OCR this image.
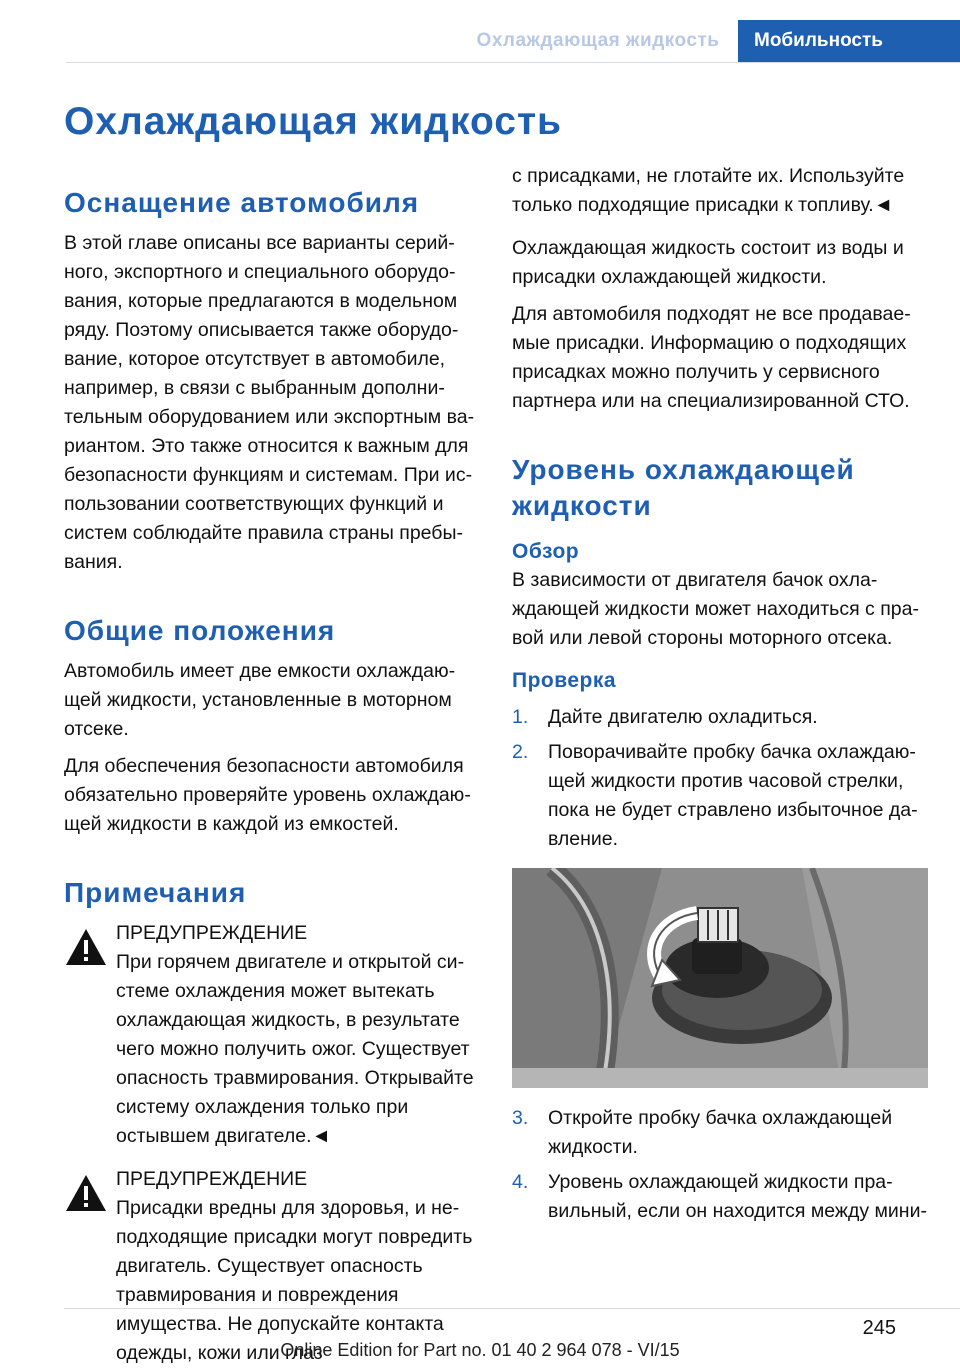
Охлаждающая жидкость	Мобильность
Охлаждающая жидкость
Оснащение автомобиля

В этой главе описаны все варианты серийного, экспортного и специального оборудования, которые предлагаются в модельном ряду. Поэтому описывается также оборудование, которое отсутствует в автомобиле, например, в связи с выбранным дополнительным оборудованием или экспортным вариантом. Это также относится к важным для безопасности функциям и системам. При использовании соответствующих функций и систем соблюдайте правила страны пребывания.

Общие положения

Автомобиль имеет две емкости охлаждающей жидкости, установленные в моторном отсеке.

Для обеспечения безопасности автомобиля обязательно проверяйте уровень охлаждающей жидкости в каждой из емкостей.

Примечания

ПРЕДУПРЕЖДЕНИЕ

При горячем двигателе и открытой системе охлаждения может вытекать охлаждающая жидкость, в результате чего можно получить ожог. Существует опасность травмирования. Открывайте систему охлаждения только при остывшем двигателе.◄

ПРЕДУПРЕЖДЕНИЕ

Присадки вредны для здоровья, и неподходящие присадки могут повредить двигатель. Существует опасность травмирования и повреждения имущества. Не допускайте контакта одежды, кожи или глаз

с присадками, не глотайте их. Используйте только подходящие присадки к топливу.◄

Охлаждающая жидкость состоит из воды и присадки охлаждающей жидкости.

Для автомобиля подходят не все продаваемые присадки. Информацию о подходящих присадках можно получить у сервисного партнера или на специализированной СТО.

Уровень охлаждающей жидкости
Обзор

В зависимости от двигателя бачок охлаждающей жидкости может находиться с правой или левой стороны моторного отсека.

Проверка
1. Дайте двигателю охладиться.
2. Поворачивайте пробку бачка охлаждающей жидкости против часовой стрелки, пока не будет стравлено избыточное давление.
3. Откройте пробку бачка охлаждающей жидкости.
4. Уровень охлаждающей жидкости правильный, если он находится между мини-
245
Online Edition for Part no. 01 40 2 964 078 - VI/15
